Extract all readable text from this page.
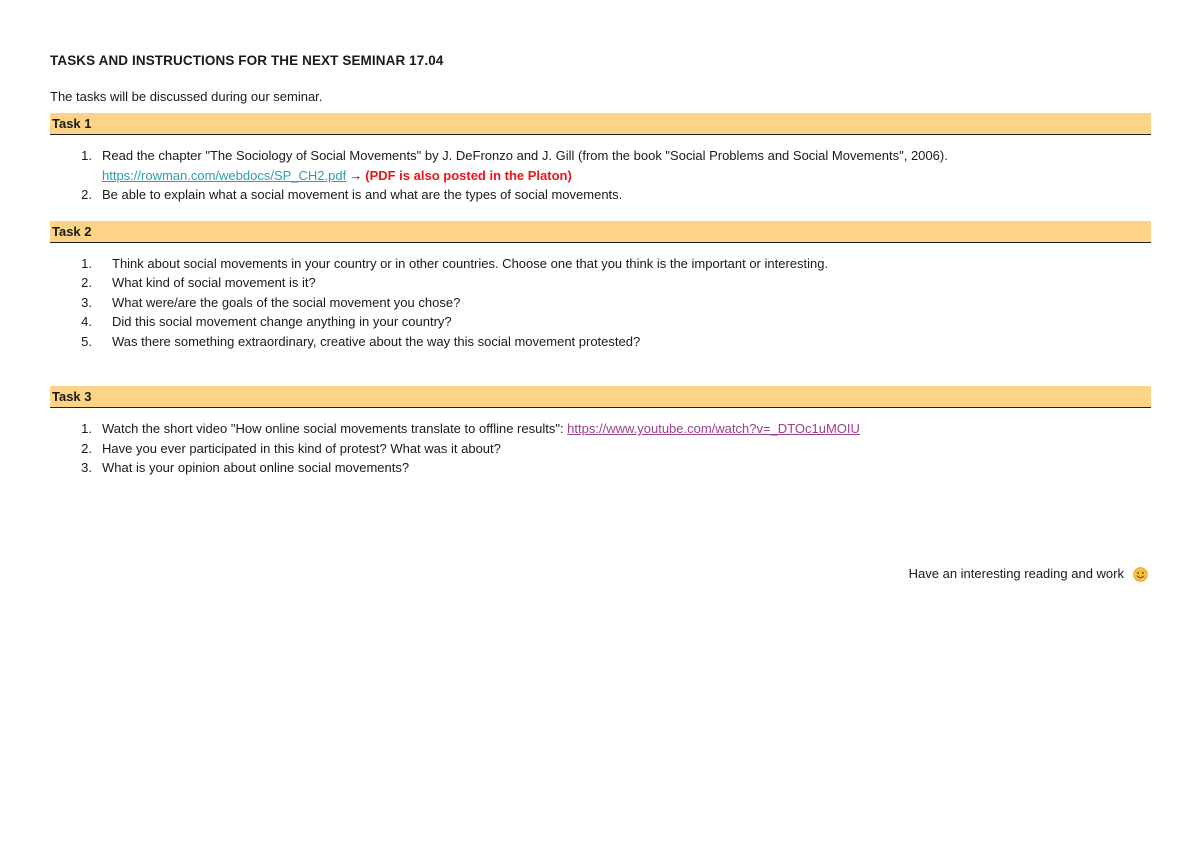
TASKS AND INSTRUCTIONS FOR THE NEXT SEMINAR 17.04
The tasks will be discussed during our seminar.
Task 1
1. Read the chapter "The Sociology of Social Movements" by J. DeFronzo and J. Gill (from the book "Social Problems and Social Movements", 2006).
https://rowman.com/webdocs/SP_CH2.pdf → (PDF is also posted in the Platon)
2. Be able to explain what a social movement is and what are the types of social movements.
Task 2
1. Think about social movements in your country or in other countries. Choose one that you think is the important or interesting.
2. What kind of social movement is it?
3. What were/are the goals of the social movement you chose?
4. Did this social movement change anything in your country?
5. Was there something extraordinary, creative about the way this social movement protested?
Task 3
1. Watch the short video "How online social movements translate to offline results": https://www.youtube.com/watch?v=_DTOc1uMOIU
2. Have you ever participated in this kind of protest? What was it about?
3. What is your opinion about online social movements?
Have an interesting reading and work
